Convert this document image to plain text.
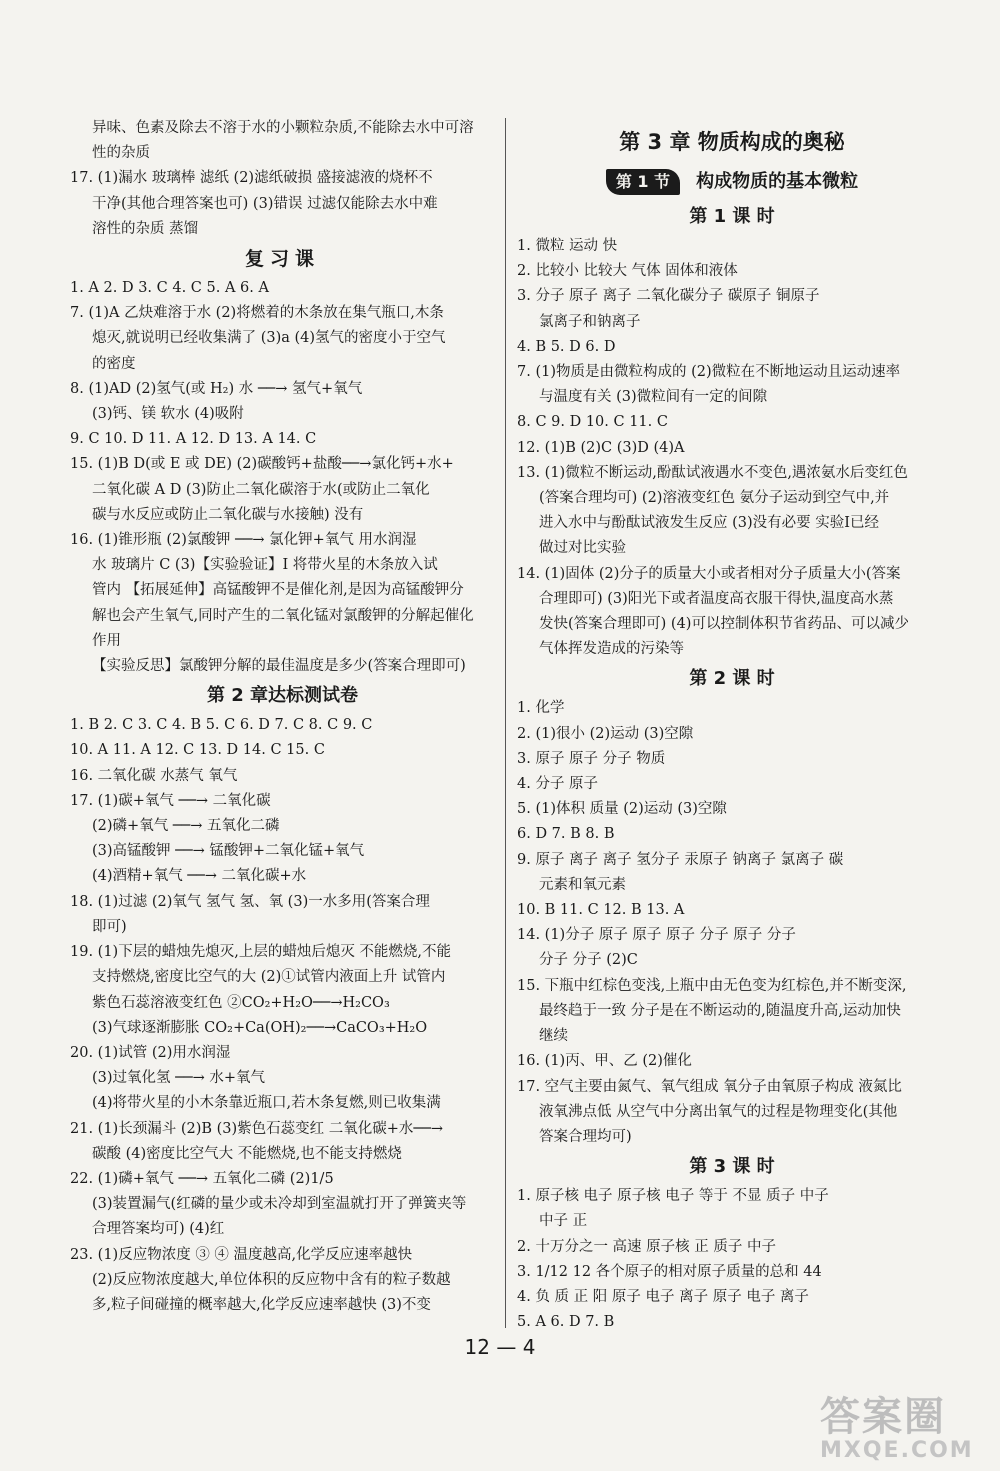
异味、色素及除去不溶于水的小颗粒杂质,不能除去水中可溶
性的杂质
17. (1)漏水 玻璃棒 滤纸 (2)滤纸破损 盛接滤液的烧杯不
干净(其他合理答案也可) (3)错误 过滤仅能除去水中难
溶性的杂质 蒸馏
复习课
1. A 2. D 3. C 4. C 5. A 6. A
7. (1)A 乙炔难溶于水 (2)将燃着的木条放在集气瓶口,木条
熄灭,就说明已经收集满了 (3)a (4)氢气的密度小于空气
的密度
8. (1)AD (2)氢气(或 H₂) 水 ──→ 氢气+氧气
(3)钙、镁 软水 (4)吸附
9. C 10. D 11. A 12. D 13. A 14. C
15. (1)B D(或 E 或 DE) (2)碳酸钙+盐酸──→氯化钙+水+
二氧化碳 A D (3)防止二氧化碳溶于水(或防止二氧化
碳与水反应或防止二氧化碳与水接触) 没有
16. (1)锥形瓶 (2)氯酸钾 ──→ 氯化钾+氧气 用水润湿
水 玻璃片 C (3)【实验验证】Ⅰ 将带火星的木条放入试
管内 【拓展延伸】高锰酸钾不是催化剂,是因为高锰酸钾分
解也会产生氧气,同时产生的二氧化锰对氯酸钾的分解起催化
作用
【实验反思】氯酸钾分解的最佳温度是多少(答案合理即可)
第 2 章达标测试卷
1. B 2. C 3. C 4. B 5. C 6. D 7. C 8. C 9. C
10. A 11. A 12. C 13. D 14. C 15. C
16. 二氧化碳 水蒸气 氧气
17. (1)碳+氧气 ──→ 二氧化碳
(2)磷+氧气 ──→ 五氧化二磷
(3)高锰酸钾 ──→ 锰酸钾+二氧化锰+氧气
(4)酒精+氧气 ──→ 二氧化碳+水
18. (1)过滤 (2)氧气 氢气 氢、氧 (3)一水多用(答案合理
即可)
19. (1)下层的蜡烛先熄灭,上层的蜡烛后熄灭 不能燃烧,不能
支持燃烧,密度比空气的大 (2)①试管内液面上升 试管内
紫色石蕊溶液变红色 ②CO₂+H₂O──→H₂CO₃
(3)气球逐渐膨胀 CO₂+Ca(OH)₂──→CaCO₃+H₂O
20. (1)试管 (2)用水润湿
(3)过氧化氢 ──→ 水+氧气
(4)将带火星的小木条靠近瓶口,若木条复燃,则已收集满
21. (1)长颈漏斗 (2)B (3)紫色石蕊变红 二氧化碳+水──→
碳酸 (4)密度比空气大 不能燃烧,也不能支持燃烧
22. (1)磷+氧气 ──→ 五氧化二磷 (2)1/5
(3)装置漏气(红磷的量少或未冷却到室温就打开了弹簧夹等
合理答案均可) (4)红
23. (1)反应物浓度 ③ ④ 温度越高,化学反应速率越快
(2)反应物浓度越大,单位体积的反应物中含有的粒子数越
多,粒子间碰撞的概率越大,化学反应速率越快 (3)不变
第 3 章 物质构成的奥秘
第 1 节 构成物质的基本微粒
第 1 课 时
1. 微粒 运动 快
2. 比较小 比较大 气体 固体和液体
3. 分子 原子 离子 二氧化碳分子 碳原子 铜原子
氯离子和钠离子
4. B 5. D 6. D
7. (1)物质是由微粒构成的 (2)微粒在不断地运动且运动速率
与温度有关 (3)微粒间有一定的间隙
8. C 9. D 10. C 11. C
12. (1)B (2)C (3)D (4)A
13. (1)微粒不断运动,酚酞试液遇水不变色,遇浓氨水后变红色
(答案合理均可) (2)溶液变红色 氨分子运动到空气中,并
进入水中与酚酞试液发生反应 (3)没有必要 实验Ⅰ已经
做过对比实验
14. (1)固体 (2)分子的质量大小或者相对分子质量大小(答案
合理即可) (3)阳光下或者温度高衣服干得快,温度高水蒸
发快(答案合理即可) (4)可以控制体积节省药品、可以减少
气体挥发造成的污染等
第 2 课 时
1. 化学
2. (1)很小 (2)运动 (3)空隙
3. 原子 原子 分子 物质
4. 分子 原子
5. (1)体积 质量 (2)运动 (3)空隙
6. D 7. B 8. B
9. 原子 离子 离子 氢分子 汞原子 钠离子 氯离子 碳
元素和氧元素
10. B 11. C 12. B 13. A
14. (1)分子 原子 原子 原子 分子 原子 分子
分子 分子 (2)C
15. 下瓶中红棕色变浅,上瓶中由无色变为红棕色,并不断变深,
最终趋于一致 分子是在不断运动的,随温度升高,运动加快
继续
16. (1)丙、甲、乙 (2)催化
17. 空气主要由氮气、氧气组成 氧分子由氧原子构成 液氮比
液氧沸点低 从空气中分离出氧气的过程是物理变化(其他
答案合理均可)
第 3 课 时
1. 原子核 电子 原子核 电子 等于 不显 质子 中子
中子 正
2. 十万分之一 高速 原子核 正 质子 中子
3. 1/12 12 各个原子的相对原子质量的总和 44
4. 负 质 正 阳 原子 电子 离子 原子 电子 离子
5. A 6. D 7. B
12 — 4
答案圈
MXQE.COM
